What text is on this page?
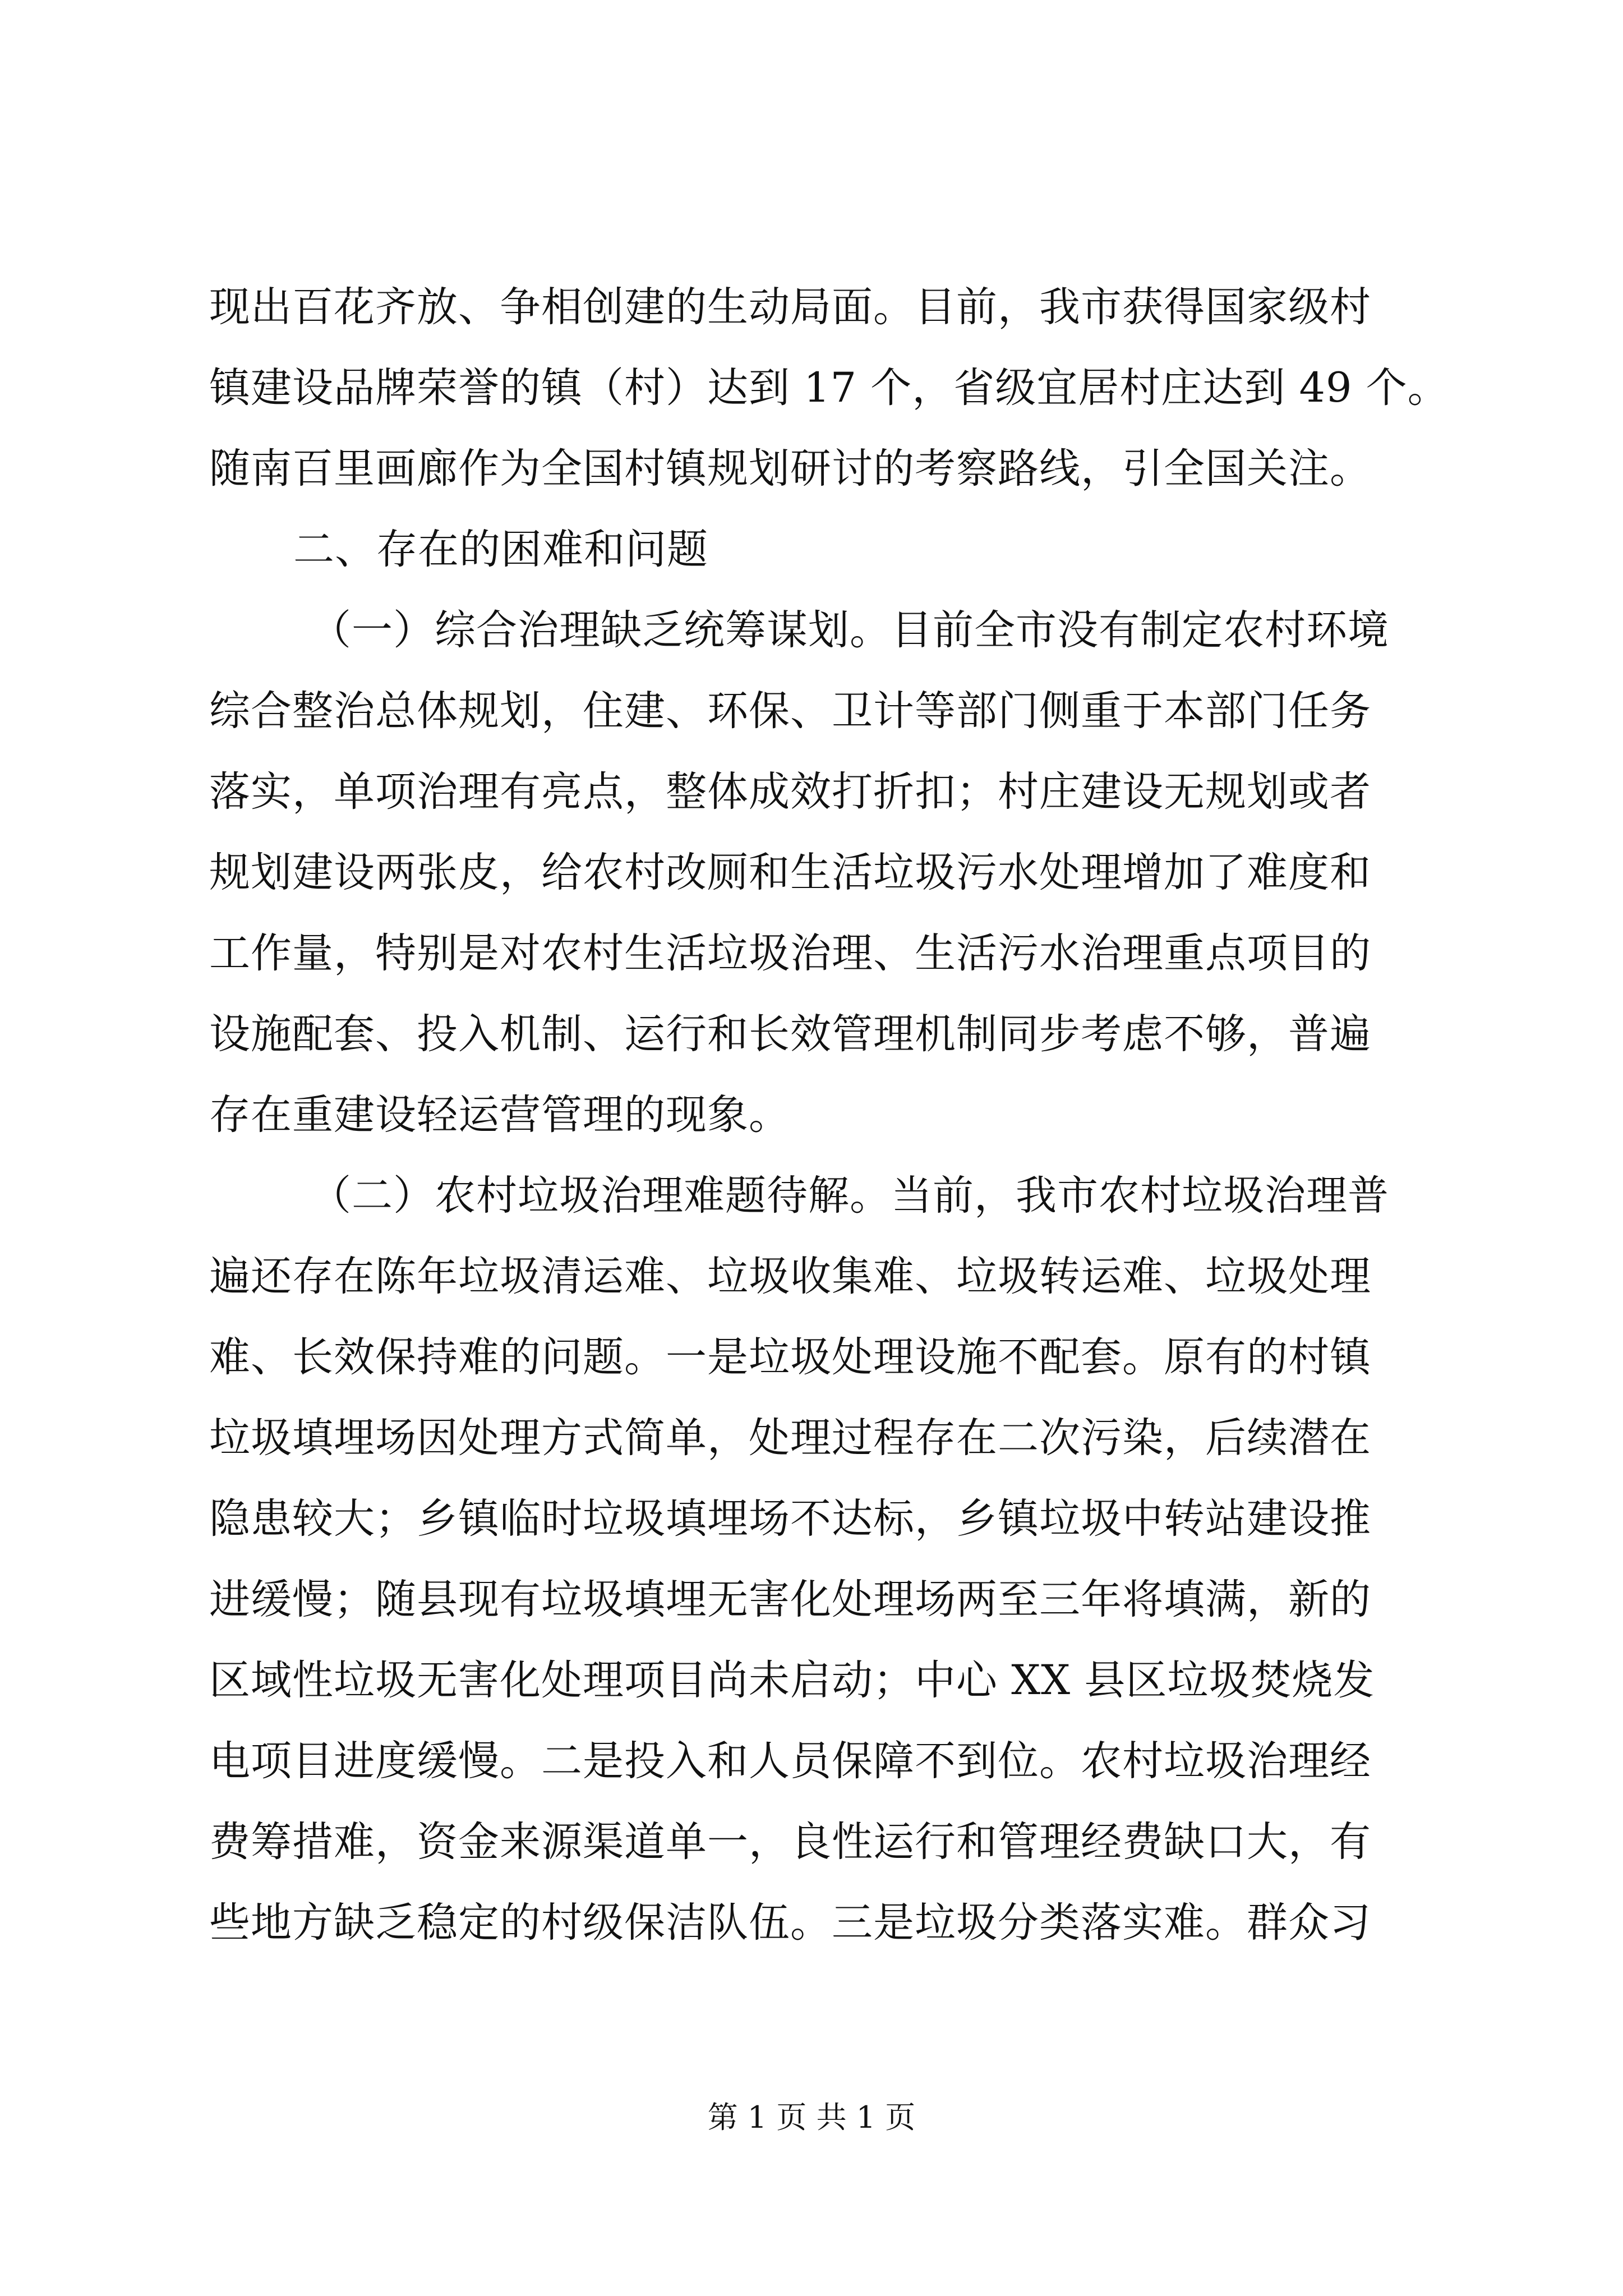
现出百花齐放、争相创建的生动局面。目前，我市获得国家级村
镇建设品牌荣誉的镇（村）达到 17 个，省级宜居村庄达到 49 个。
随南百里画廊作为全国村镇规划研讨的考察路线，引全国关注。
二、存在的困难和问题
（一）综合治理缺乏统筹谋划。目前全市没有制定农村环境
综合整治总体规划，住建、环保、卫计等部门侧重于本部门任务
落实，单项治理有亮点，整体成效打折扣；村庄建设无规划或者
规划建设两张皮，给农村改厕和生活垃圾污水处理增加了难度和
工作量，特别是对农村生活垃圾治理、生活污水治理重点项目的
设施配套、投入机制、运行和长效管理机制同步考虑不够，普遍
存在重建设轻运营管理的现象。
（二）农村垃圾治理难题待解。当前，我市农村垃圾治理普
遍还存在陈年垃圾清运难、垃圾收集难、垃圾转运难、垃圾处理
难、长效保持难的问题。一是垃圾处理设施不配套。原有的村镇
垃圾填埋场因处理方式简单，处理过程存在二次污染，后续潜在
隐患较大；乡镇临时垃圾填埋场不达标，乡镇垃圾中转站建设推
进缓慢；随县现有垃圾填埋无害化处理场两至三年将填满，新的
区域性垃圾无害化处理项目尚未启动；中心 XX 县区垃圾焚烧发
电项目进度缓慢。二是投入和人员保障不到位。农村垃圾治理经
费筹措难，资金来源渠道单一，良性运行和管理经费缺口大，有
些地方缺乏稳定的村级保洁队伍。三是垃圾分类落实难。群众习
第 1 页 共 1 页
